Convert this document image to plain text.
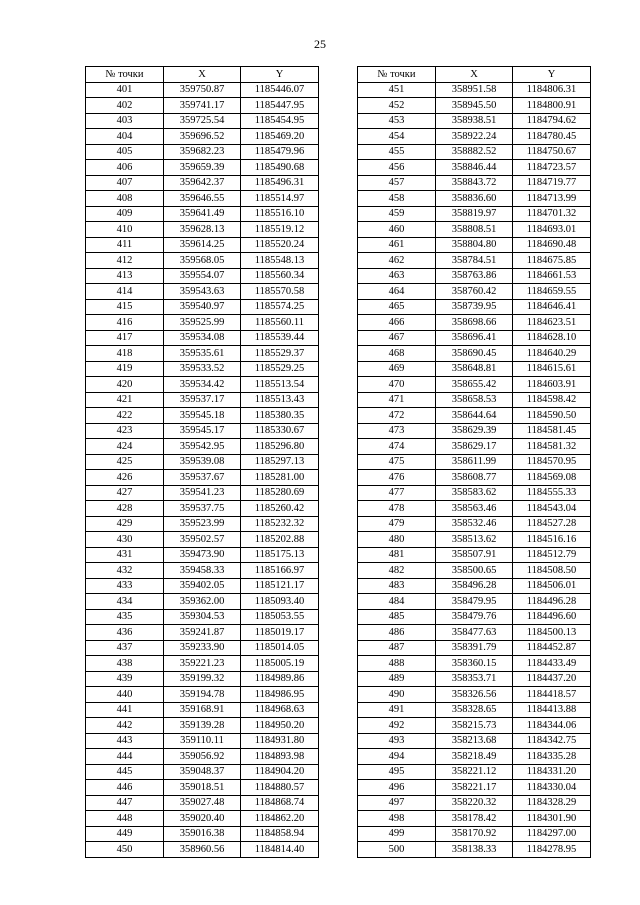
25
№ точки	X	Y
401	359750.87	1185446.07
402	359741.17	1185447.95
403	359725.54	1185454.95
404	359696.52	1185469.20
405	359682.23	1185479.96
406	359659.39	1185490.68
407	359642.37	1185496.31
408	359646.55	1185514.97
409	359641.49	1185516.10
410	359628.13	1185519.12
411	359614.25	1185520.24
412	359568.05	1185548.13
413	359554.07	1185560.34
414	359543.63	1185570.58
415	359540.97	1185574.25
416	359525.99	1185560.11
417	359534.08	1185539.44
418	359535.61	1185529.37
419	359533.52	1185529.25
420	359534.42	1185513.54
421	359537.17	1185513.43
422	359545.18	1185380.35
423	359545.17	1185330.67
424	359542.95	1185296.80
425	359539.08	1185297.13
426	359537.67	1185281.00
427	359541.23	1185280.69
428	359537.75	1185260.42
429	359523.99	1185232.32
430	359502.57	1185202.88
431	359473.90	1185175.13
432	359458.33	1185166.97
433	359402.05	1185121.17
434	359362.00	1185093.40
435	359304.53	1185053.55
436	359241.87	1185019.17
437	359233.90	1185014.05
438	359221.23	1185005.19
439	359199.32	1184989.86
440	359194.78	1184986.95
441	359168.91	1184968.63
442	359139.28	1184950.20
443	359110.11	1184931.80
444	359056.92	1184893.98
445	359048.37	1184904.20
446	359018.51	1184880.57
447	359027.48	1184868.74
448	359020.40	1184862.20
449	359016.38	1184858.94
450	358960.56	1184814.40
№ точки	X	Y
451	358951.58	1184806.31
452	358945.50	1184800.91
453	358938.51	1184794.62
454	358922.24	1184780.45
455	358882.52	1184750.67
456	358846.44	1184723.57
457	358843.72	1184719.77
458	358836.60	1184713.99
459	358819.97	1184701.32
460	358808.51	1184693.01
461	358804.80	1184690.48
462	358784.51	1184675.85
463	358763.86	1184661.53
464	358760.42	1184659.55
465	358739.95	1184646.41
466	358698.66	1184623.51
467	358696.41	1184628.10
468	358690.45	1184640.29
469	358648.81	1184615.61
470	358655.42	1184603.91
471	358658.53	1184598.42
472	358644.64	1184590.50
473	358629.39	1184581.45
474	358629.17	1184581.32
475	358611.99	1184570.95
476	358608.77	1184569.08
477	358583.62	1184555.33
478	358563.46	1184543.04
479	358532.46	1184527.28
480	358513.62	1184516.16
481	358507.91	1184512.79
482	358500.65	1184508.50
483	358496.28	1184506.01
484	358479.95	1184496.28
485	358479.76	1184496.60
486	358477.63	1184500.13
487	358391.79	1184452.87
488	358360.15	1184433.49
489	358353.71	1184437.20
490	358326.56	1184418.57
491	358328.65	1184413.88
492	358215.73	1184344.06
493	358213.68	1184342.75
494	358218.49	1184335.28
495	358221.12	1184331.20
496	358221.17	1184330.04
497	358220.32	1184328.29
498	358178.42	1184301.90
499	358170.92	1184297.00
500	358138.33	1184278.95
